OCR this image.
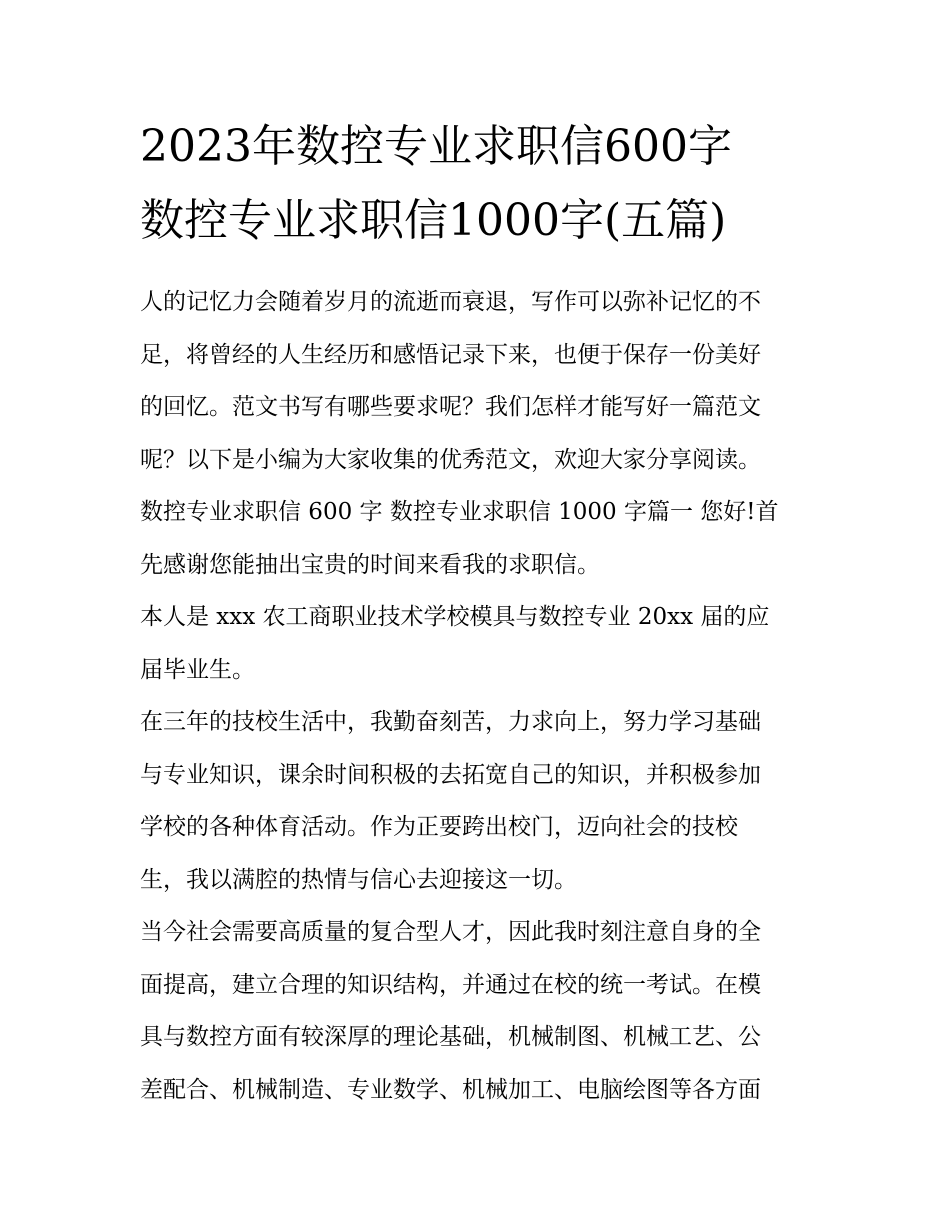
2023年数控专业求职信600字
数控专业求职信1000字(五篇)
人的记忆力会随着岁月的流逝而衰退，写作可以弥补记忆的不
足，将曾经的人生经历和感悟记录下来，也便于保存一份美好
的回忆。范文书写有哪些要求呢？我们怎样才能写好一篇范文
呢？以下是小编为大家收集的优秀范文，欢迎大家分享阅读。
数控专业求职信 600 字 数控专业求职信 1000 字篇一 您好!首
先感谢您能抽出宝贵的时间来看我的求职信。
本人是 xxx 农工商职业技术学校模具与数控专业 20xx 届的应
届毕业生。
在三年的技校生活中，我勤奋刻苦，力求向上，努力学习基础
与专业知识，课余时间积极的去拓宽自己的知识，并积极参加
学校的各种体育活动。作为正要跨出校门，迈向社会的技校
生，我以满腔的热情与信心去迎接这一切。
当今社会需要高质量的复合型人才，因此我时刻注意自身的全
面提高，建立合理的知识结构，并通过在校的统一考试。在模
具与数控方面有较深厚的理论基础，机械制图、机械工艺、公
差配合、机械制造、专业数学、机械加工、电脑绘图等各方面
